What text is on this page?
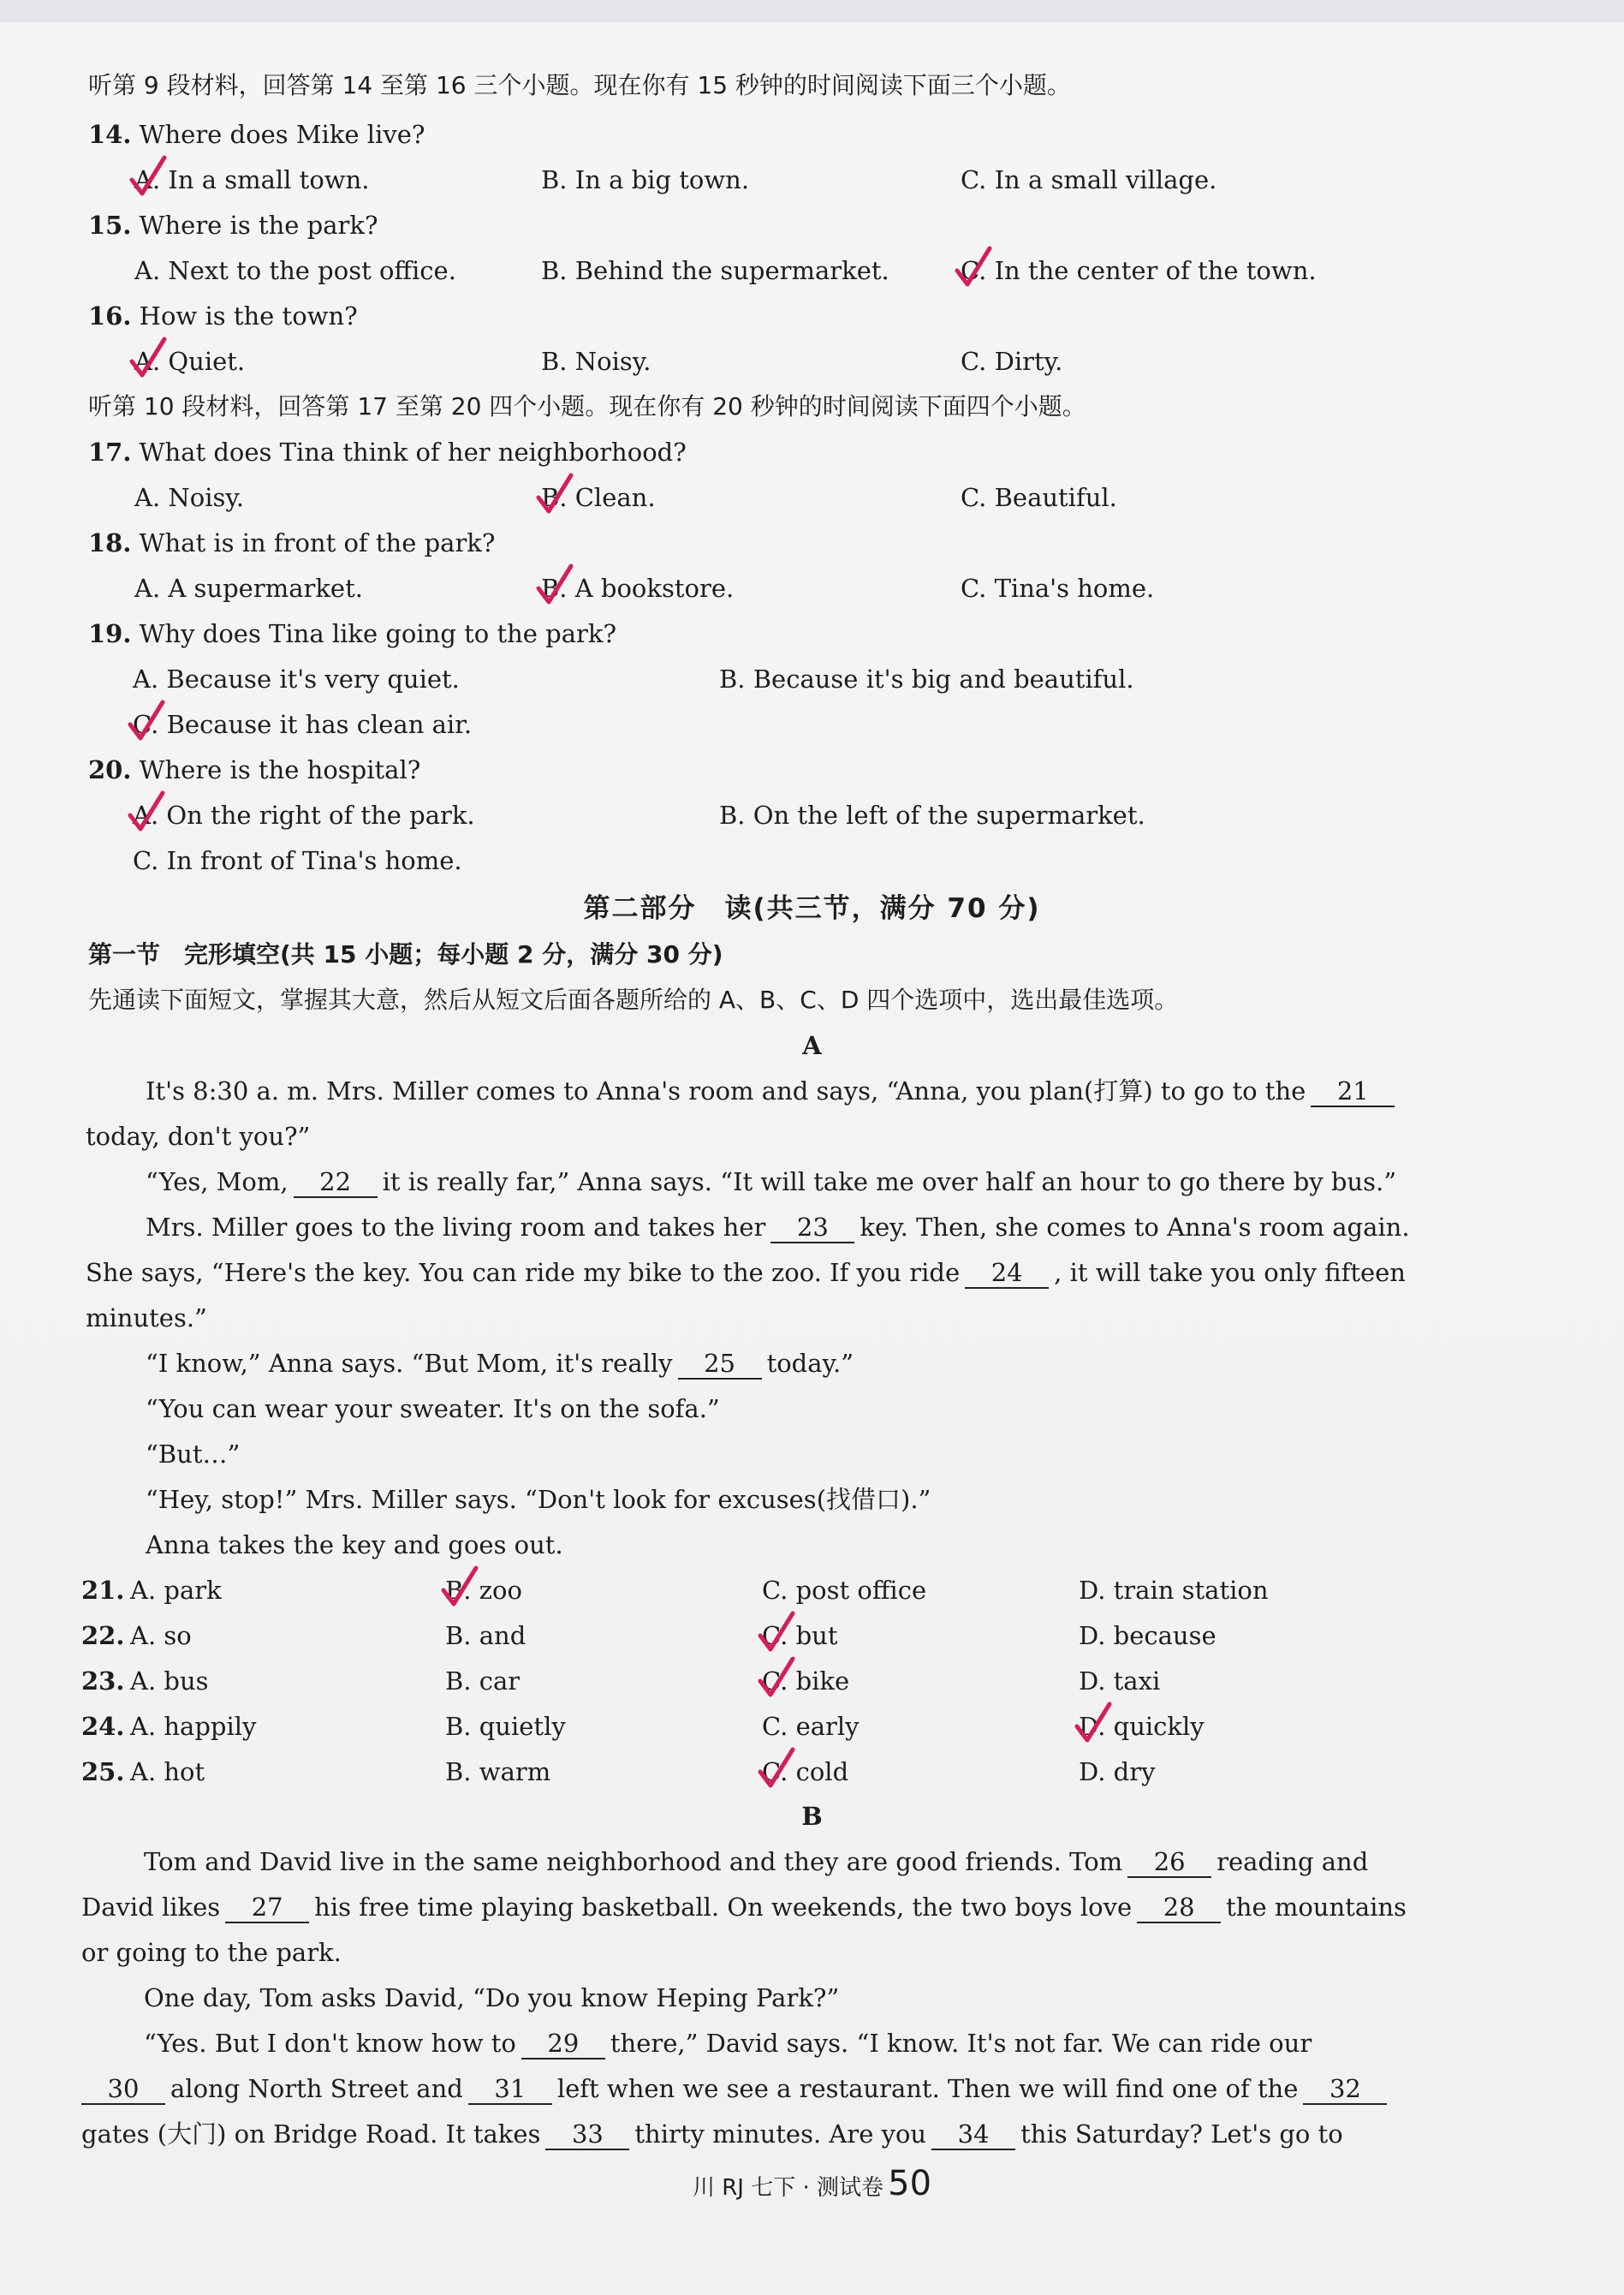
听第 9 段材料，回答第 14 至第 16 三个小题。现在你有 15 秒钟的时间阅读下面三个小题。
14. Where does Mike live?
A. In a small town.	B. In a big town.	C. In a small village.
15. Where is the park?
A. Next to the post office.	B. Behind the supermarket.	C. In the center of the town.
16. How is the town?
A. Quiet.	B. Noisy.	C. Dirty.
听第 10 段材料，回答第 17 至第 20 四个小题。现在你有 20 秒钟的时间阅读下面四个小题。
17. What does Tina think of her neighborhood?
A. Noisy.	B. Clean.	C. Beautiful.
18. What is in front of the park?
A. A supermarket.	B. A bookstore.	C. Tina's home.
19. Why does Tina like going to the park?
A. Because it's very quiet.	B. Because it's big and beautiful.
C. Because it has clean air.
20. Where is the hospital?
A. On the right of the park.	B. On the left of the supermarket.
C. In front of Tina's home.
第二部分　读(共三节，满分 70 分)
第一节　完形填空(共 15 小题；每小题 2 分，满分 30 分)
先通读下面短文，掌握其大意，然后从短文后面各题所给的 A、B、C、D 四个选项中，选出最佳选项。
A
It's 8:30 a. m. Mrs. Miller comes to Anna's room and says, “Anna, you plan(打算) to go to the 21
today, don't you?”
“Yes, Mom, 22 it is really far,” Anna says. “It will take me over half an hour to go there by bus.”
Mrs. Miller goes to the living room and takes her 23 key. Then, she comes to Anna's room again.
She says, “Here's the key. You can ride my bike to the zoo. If you ride 24 , it will take you only fifteen
minutes.”
“I know,” Anna says. “But Mom, it's really 25 today.”
“You can wear your sweater. It's on the sofa.”
“But…”
“Hey, stop!” Mrs. Miller says. “Don't look for excuses(找借口).”
Anna takes the key and goes out.
21. A. park	B. zoo	C. post office	D. train station
22. A. so	B. and	C. but	D. because
23. A. bus	B. car	C. bike	D. taxi
24. A. happily	B. quietly	C. early	D. quickly
25. A. hot	B. warm	C. cold	D. dry
B
Tom and David live in the same neighborhood and they are good friends. Tom 26 reading and
David likes 27 his free time playing basketball. On weekends, the two boys love 28 the mountains
or going to the park.
One day, Tom asks David, “Do you know Heping Park?”
“Yes. But I don't know how to 29 there,” David says. “I know. It's not far. We can ride our
30 along North Street and 31 left when we see a restaurant. Then we will find one of the 32
gates (大门) on Bridge Road. It takes 33 thirty minutes. Are you 34 this Saturday? Let's go to
川 RJ 七下 · 测试卷 50
